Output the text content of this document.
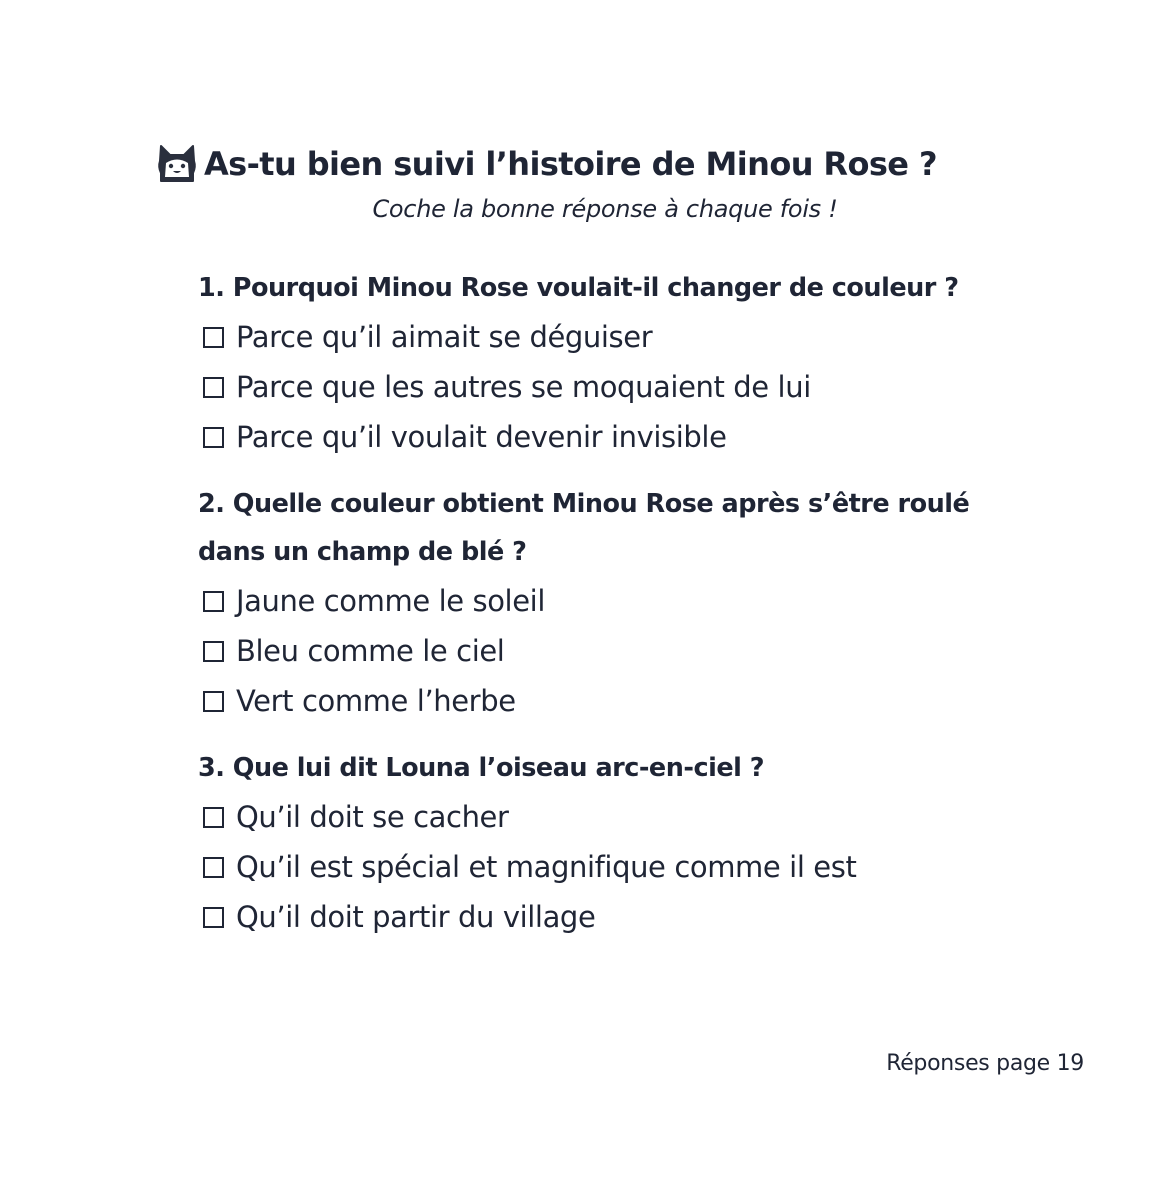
As-tu bien suivi l’histoire de Minou Rose ?
Coche la bonne réponse à chaque fois !
1. Pourquoi Minou Rose voulait-il changer de couleur ?
Parce qu’il aimait se déguiser
Parce que les autres se moquaient de lui
Parce qu’il voulait devenir invisible
2. Quelle couleur obtient Minou Rose après s’être roulé dans un champ de blé ?
Jaune comme le soleil
Bleu comme le ciel
Vert comme l’herbe
3. Que lui dit Louna l’oiseau arc-en-ciel ?
Qu’il doit se cacher
Qu’il est spécial et magnifique comme il est
Qu’il doit partir du village
Réponses page 19
